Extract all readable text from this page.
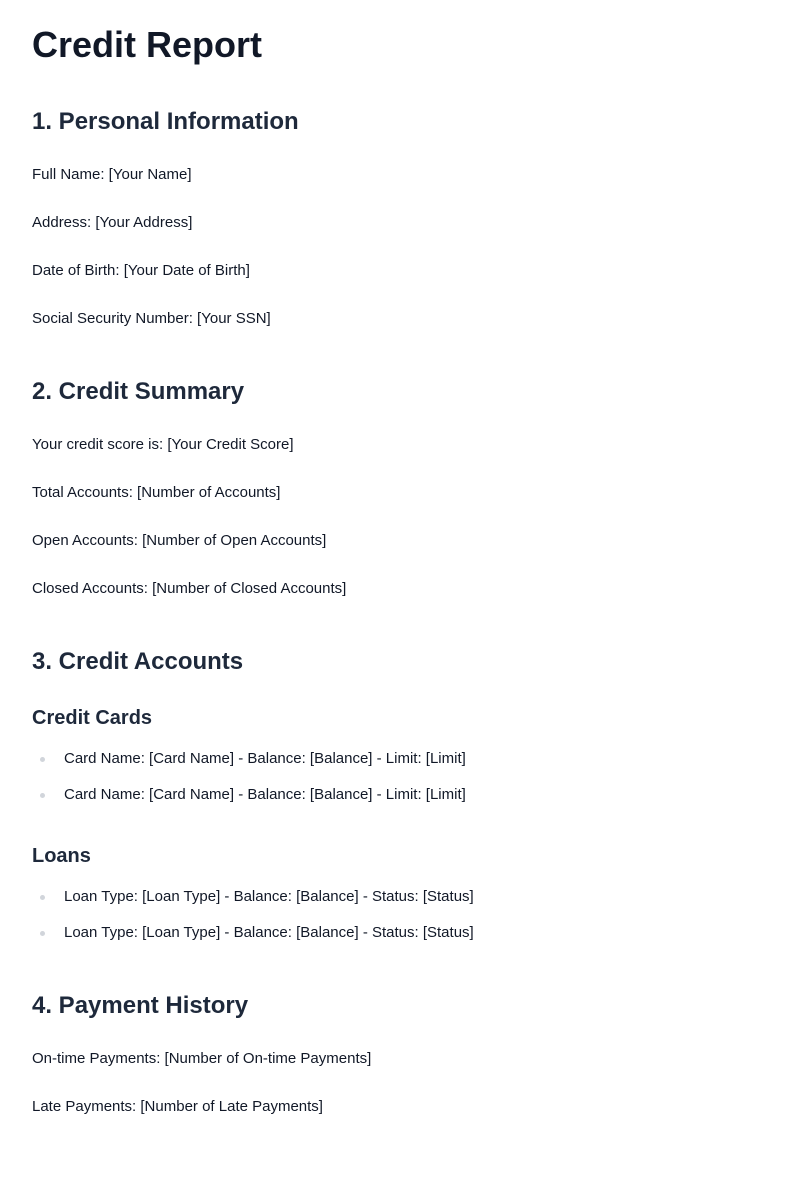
Credit Report
1. Personal Information

Full Name: [Your Name]

Address: [Your Address]

Date of Birth: [Your Date of Birth]

Social Security Number: [Your SSN]

2. Credit Summary

Your credit score is: [Your Credit Score]

Total Accounts: [Number of Accounts]

Open Accounts: [Number of Open Accounts]

Closed Accounts: [Number of Closed Accounts]

3. Credit Accounts
Credit Cards
Card Name: [Card Name] - Balance: [Balance] - Limit: [Limit]
Card Name: [Card Name] - Balance: [Balance] - Limit: [Limit]
Loans
Loan Type: [Loan Type] - Balance: [Balance] - Status: [Status]
Loan Type: [Loan Type] - Balance: [Balance] - Status: [Status]
4. Payment History

On-time Payments: [Number of On-time Payments]

Late Payments: [Number of Late Payments]
